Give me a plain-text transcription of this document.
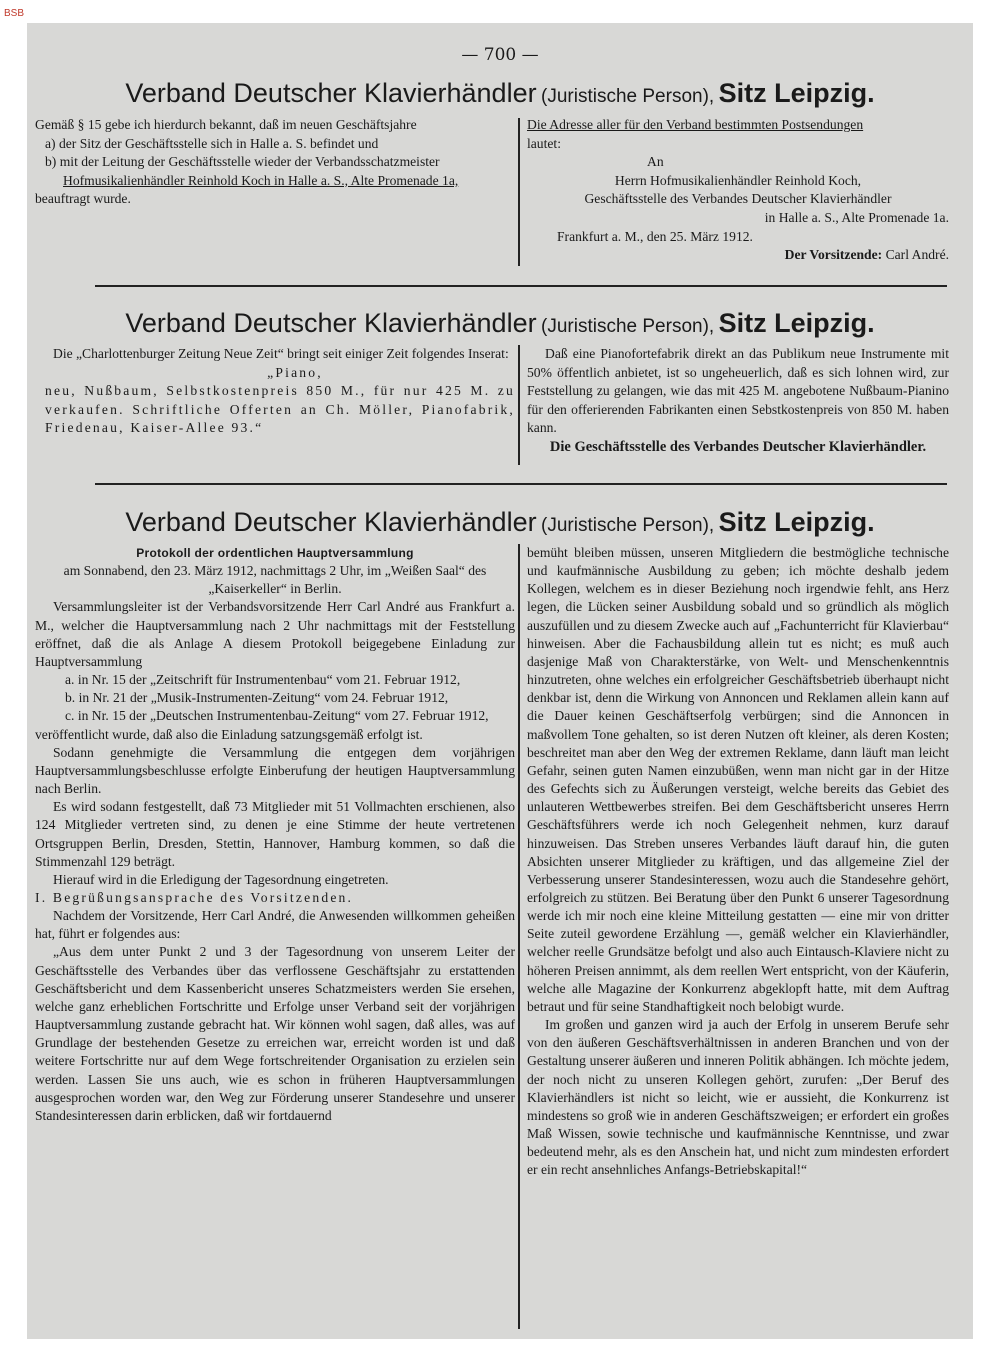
BSB
— 700 —
Verband Deutscher Klavierhändler (Juristische Person), Sitz Leipzig.

Gemäß § 15 gebe ich hierdurch bekannt, daß im neuen Geschäftsjahre

a) der Sitz der Geschäftsstelle sich in Halle a. S. befindet und

b) mit der Leitung der Geschäftsstelle wieder der Verbandsschatzmeister

Hofmusikalienhändler Reinhold Koch in Halle a. S., Alte Promenade 1a,

beauftragt wurde.

Die Adresse aller für den Verband bestimmten Postsendungen

lautet:

An

Herrn Hofmusikalienhändler Reinhold Koch,

Geschäftsstelle des Verbandes Deutscher Klavierhändler

in Halle a. S., Alte Promenade 1a.

Frankfurt a. M., den 25. März 1912.

Der Vorsitzende: Carl André.

Verband Deutscher Klavierhändler (Juristische Person), Sitz Leipzig.

Die „Charlottenburger Zeitung Neue Zeit“ bringt seit einiger Zeit folgendes Inserat:

„Piano,

neu, Nußbaum, Selbstkostenpreis 850 M., für nur 425 M. zu verkaufen. Schriftliche Offerten an Ch. Möller, Pianofabrik, Friedenau, Kaiser-Allee 93.“

Daß eine Pianofortefabrik direkt an das Publikum neue Instrumente mit 50% öffentlich anbietet, ist so ungeheuerlich, daß es sich lohnen wird, zur Feststellung zu gelangen, wie das mit 425 M. angebotene Nußbaum-Pianino für den offerierenden Fabrikanten einen Sebstkostenpreis von 850 M. haben kann.

Die Geschäftsstelle des Verbandes Deutscher Klavierhändler.

Verband Deutscher Klavierhändler (Juristische Person), Sitz Leipzig.

Protokoll der ordentlichen Hauptversammlung

am Sonnabend, den 23. März 1912, nachmittags 2 Uhr, im „Weißen Saal“ des „Kaiserkeller“ in Berlin.

Versammlungsleiter ist der Verbandsvorsitzende Herr Carl André aus Frankfurt a. M., welcher die Hauptversammlung nach 2 Uhr nachmittags mit der Feststellung eröffnet, daß die als Anlage A diesem Protokoll beigegebene Einladung zur Hauptversammlung

a. in Nr. 15 der „Zeitschrift für Instrumentenbau“ vom 21. Februar 1912,

b. in Nr. 21 der „Musik-Instrumenten-Zeitung“ vom 24. Februar 1912,

c. in Nr. 15 der „Deutschen Instrumentenbau-Zeitung“ vom 27. Februar 1912,

veröffentlicht wurde, daß also die Einladung satzungsgemäß erfolgt ist.

Sodann genehmigte die Versammlung die entgegen dem vorjährigen Hauptversammlungsbeschlusse erfolgte Einberufung der heutigen Hauptversammlung nach Berlin.

Es wird sodann festgestellt, daß 73 Mitglieder mit 51 Vollmachten erschienen, also 124 Mitglieder vertreten sind, zu denen je eine Stimme der heute vertretenen Ortsgruppen Berlin, Dresden, Stettin, Hannover, Hamburg kommen, so daß die Stimmenzahl 129 beträgt.

Hierauf wird in die Erledigung der Tagesordnung eingetreten.

I. Begrüßungsansprache des Vorsitzenden.

Nachdem der Vorsitzende, Herr Carl André, die Anwesenden willkommen geheißen hat, führt er folgendes aus:

„Aus dem unter Punkt 2 und 3 der Tagesordnung von unserem Leiter der Geschäftsstelle des Verbandes über das verflossene Geschäftsjahr zu erstattenden Geschäftsbericht und dem Kassenbericht unseres Schatzmeisters werden Sie ersehen, welche ganz erheblichen Fortschritte und Erfolge unser Verband seit der vorjährigen Hauptversammlung zustande gebracht hat. Wir können wohl sagen, daß alles, was auf Grundlage der bestehenden Gesetze zu erreichen war, erreicht worden ist und daß weitere Fortschritte nur auf dem Wege fortschreitender Organisation zu erzielen sein werden. Lassen Sie uns auch, wie es schon in früheren Hauptversammlungen ausgesprochen worden war, den Weg zur Förderung unserer Standesehre und unserer Standesinteressen darin erblicken, daß wir fortdauernd

bemüht bleiben müssen, unseren Mitgliedern die bestmögliche technische und kaufmännische Ausbildung zu geben; ich möchte deshalb jedem Kollegen, welchem es in dieser Beziehung noch irgendwie fehlt, ans Herz legen, die Lücken seiner Ausbildung sobald und so gründlich als möglich auszufüllen und zu diesem Zwecke auch auf „Fachunterricht für Klavierbau“ hinweisen. Aber die Fachausbildung allein tut es nicht; es muß auch dasjenige Maß von Charakterstärke, von Welt- und Menschenkenntnis hinzutreten, ohne welches ein erfolgreicher Geschäftsbetrieb überhaupt nicht denkbar ist, denn die Wirkung von Annoncen und Reklamen allein kann auf die Dauer keinen Geschäftserfolg verbürgen; sind die Annoncen in maßvollem Tone gehalten, so ist deren Nutzen oft kleiner, als deren Kosten; beschreitet man aber den Weg der extremen Reklame, dann läuft man leicht Gefahr, seinen guten Namen einzubüßen, wenn man nicht gar in der Hitze des Gefechts sich zu Äußerungen versteigt, welche bereits das Gebiet des unlauteren Wettbewerbes streifen. Bei dem Geschäftsbericht unseres Herrn Geschäftsführers werde ich noch Gelegenheit nehmen, kurz darauf hinzuweisen. Das Streben unseres Verbandes läuft darauf hin, die guten Absichten unserer Mitglieder zu kräftigen, und das allgemeine Ziel der Verbesserung unserer Standesinteressen, wozu auch die Standesehre gehört, erfolgreich zu stützen. Bei Beratung über den Punkt 6 unserer Tagesordnung werde ich mir noch eine kleine Mitteilung gestatten — eine mir von dritter Seite zuteil gewordene Erzählung —, gemäß welcher ein Klavierhändler, welcher reelle Grundsätze befolgt und also auch Eintausch-Klaviere nicht zu höheren Preisen annimmt, als dem reellen Wert entspricht, von der Käuferin, welche alle Magazine der Konkurrenz abgeklopft hatte, mit dem Auftrag betraut und für seine Standhaftigkeit noch belobigt wurde.

Im großen und ganzen wird ja auch der Erfolg in unserem Berufe sehr von den äußeren Geschäftsverhältnissen in anderen Branchen und von der Gestaltung unserer äußeren und inneren Politik abhängen. Ich möchte jedem, der noch nicht zu unseren Kollegen gehört, zurufen: „Der Beruf des Klavierhändlers ist nicht so leicht, wie er aussieht, die Konkurrenz ist mindestens so groß wie in anderen Geschäftszweigen; er erfordert ein großes Maß Wissen, sowie technische und kaufmännische Kenntnisse, und zwar bedeutend mehr, als es den Anschein hat, und nicht zum mindesten erfordert er ein recht ansehnliches Anfangs-Betriebskapital!“
